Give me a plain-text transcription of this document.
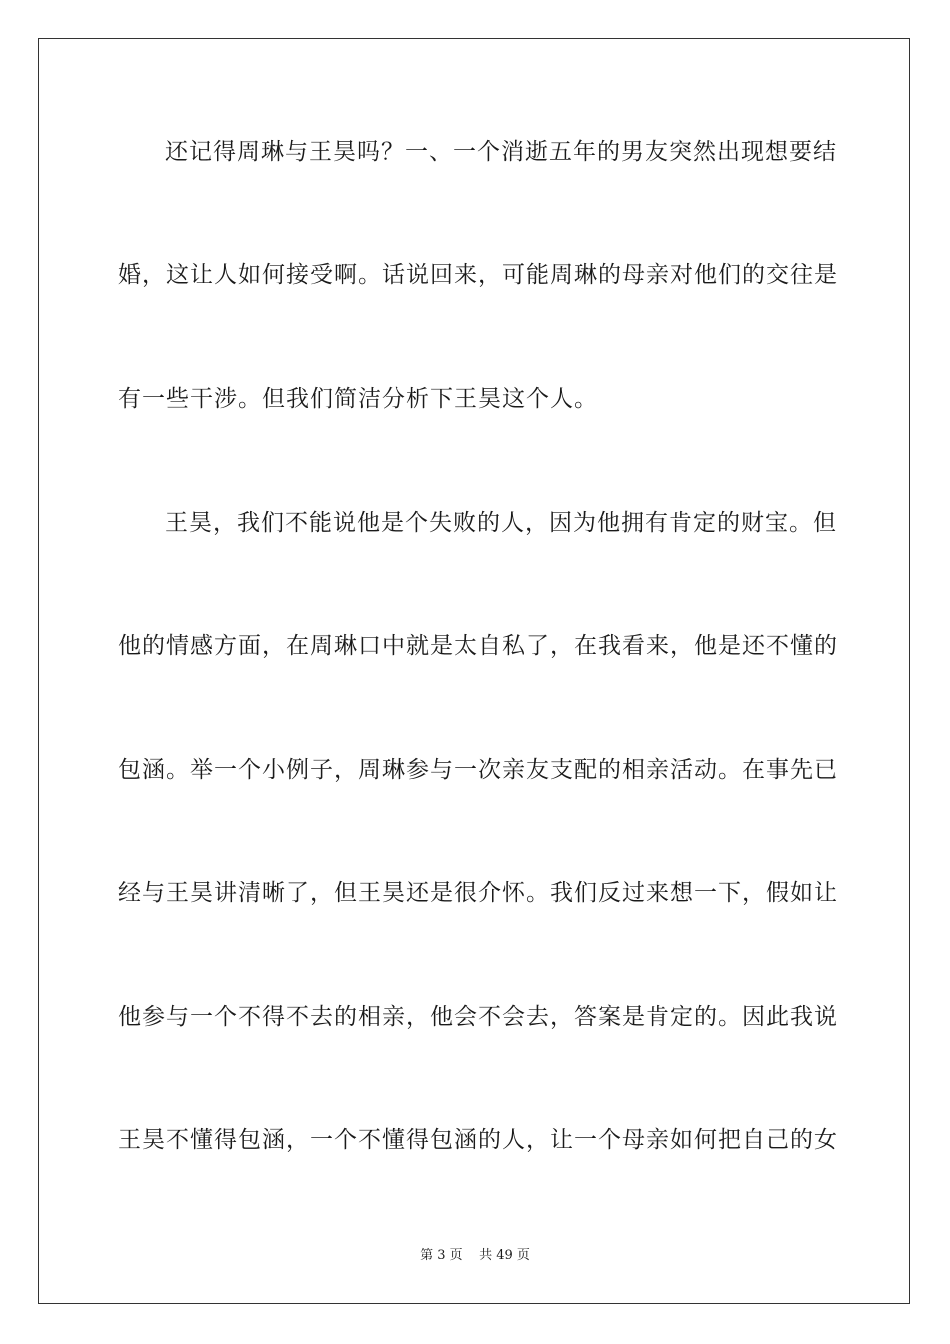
还记得周琳与王昊吗？一、一个消逝五年的男友突然出现想要结
婚，这让人如何接受啊。话说回来，可能周琳的母亲对他们的交往是
有一些干涉。但我们简洁分析下王昊这个人。
王昊，我们不能说他是个失败的人，因为他拥有肯定的财宝。但
他的情感方面，在周琳口中就是太自私了，在我看来，他是还不懂的
包涵。举一个小例子，周琳参与一次亲友支配的相亲活动。在事先已
经与王昊讲清晰了，但王昊还是很介怀。我们反过来想一下，假如让
他参与一个不得不去的相亲，他会不会去，答案是肯定的。因此我说
王昊不懂得包涵，一个不懂得包涵的人，让一个母亲如何把自己的女
第 3 页    共 49 页
